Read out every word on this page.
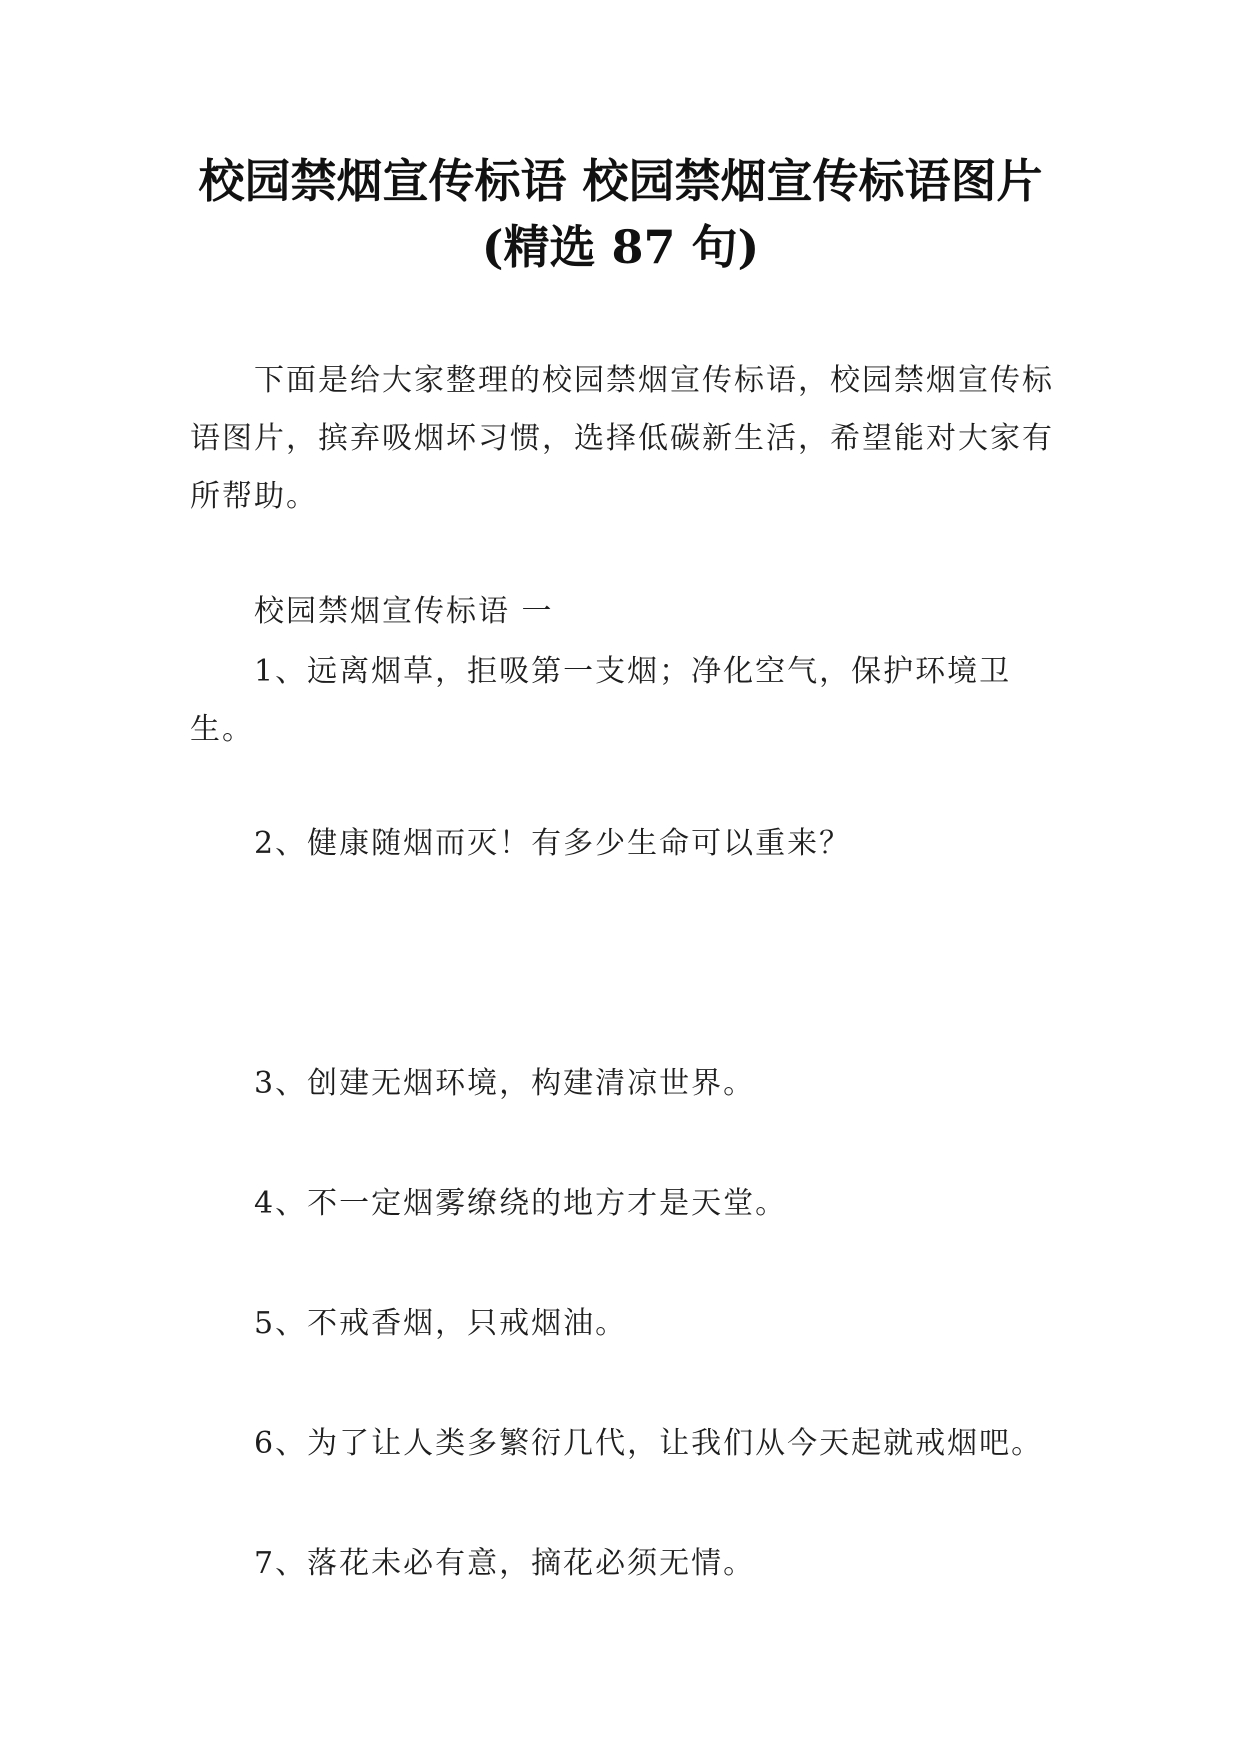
校园禁烟宣传标语 校园禁烟宣传标语图片
(精选 87 句)

下面是给大家整理的校园禁烟宣传标语，校园禁烟宣传标语图片，摈弃吸烟坏习惯，选择低碳新生活，希望能对大家有所帮助。

校园禁烟宣传标语 一

1、远离烟草，拒吸第一支烟；净化空气，保护环境卫生。

2、健康随烟而灭！有多少生命可以重来？

3、创建无烟环境，构建清凉世界。

4、不一定烟雾缭绕的地方才是天堂。

5、不戒香烟，只戒烟油。

6、为了让人类多繁衍几代，让我们从今天起就戒烟吧。

7、落花未必有意，摘花必须无情。
